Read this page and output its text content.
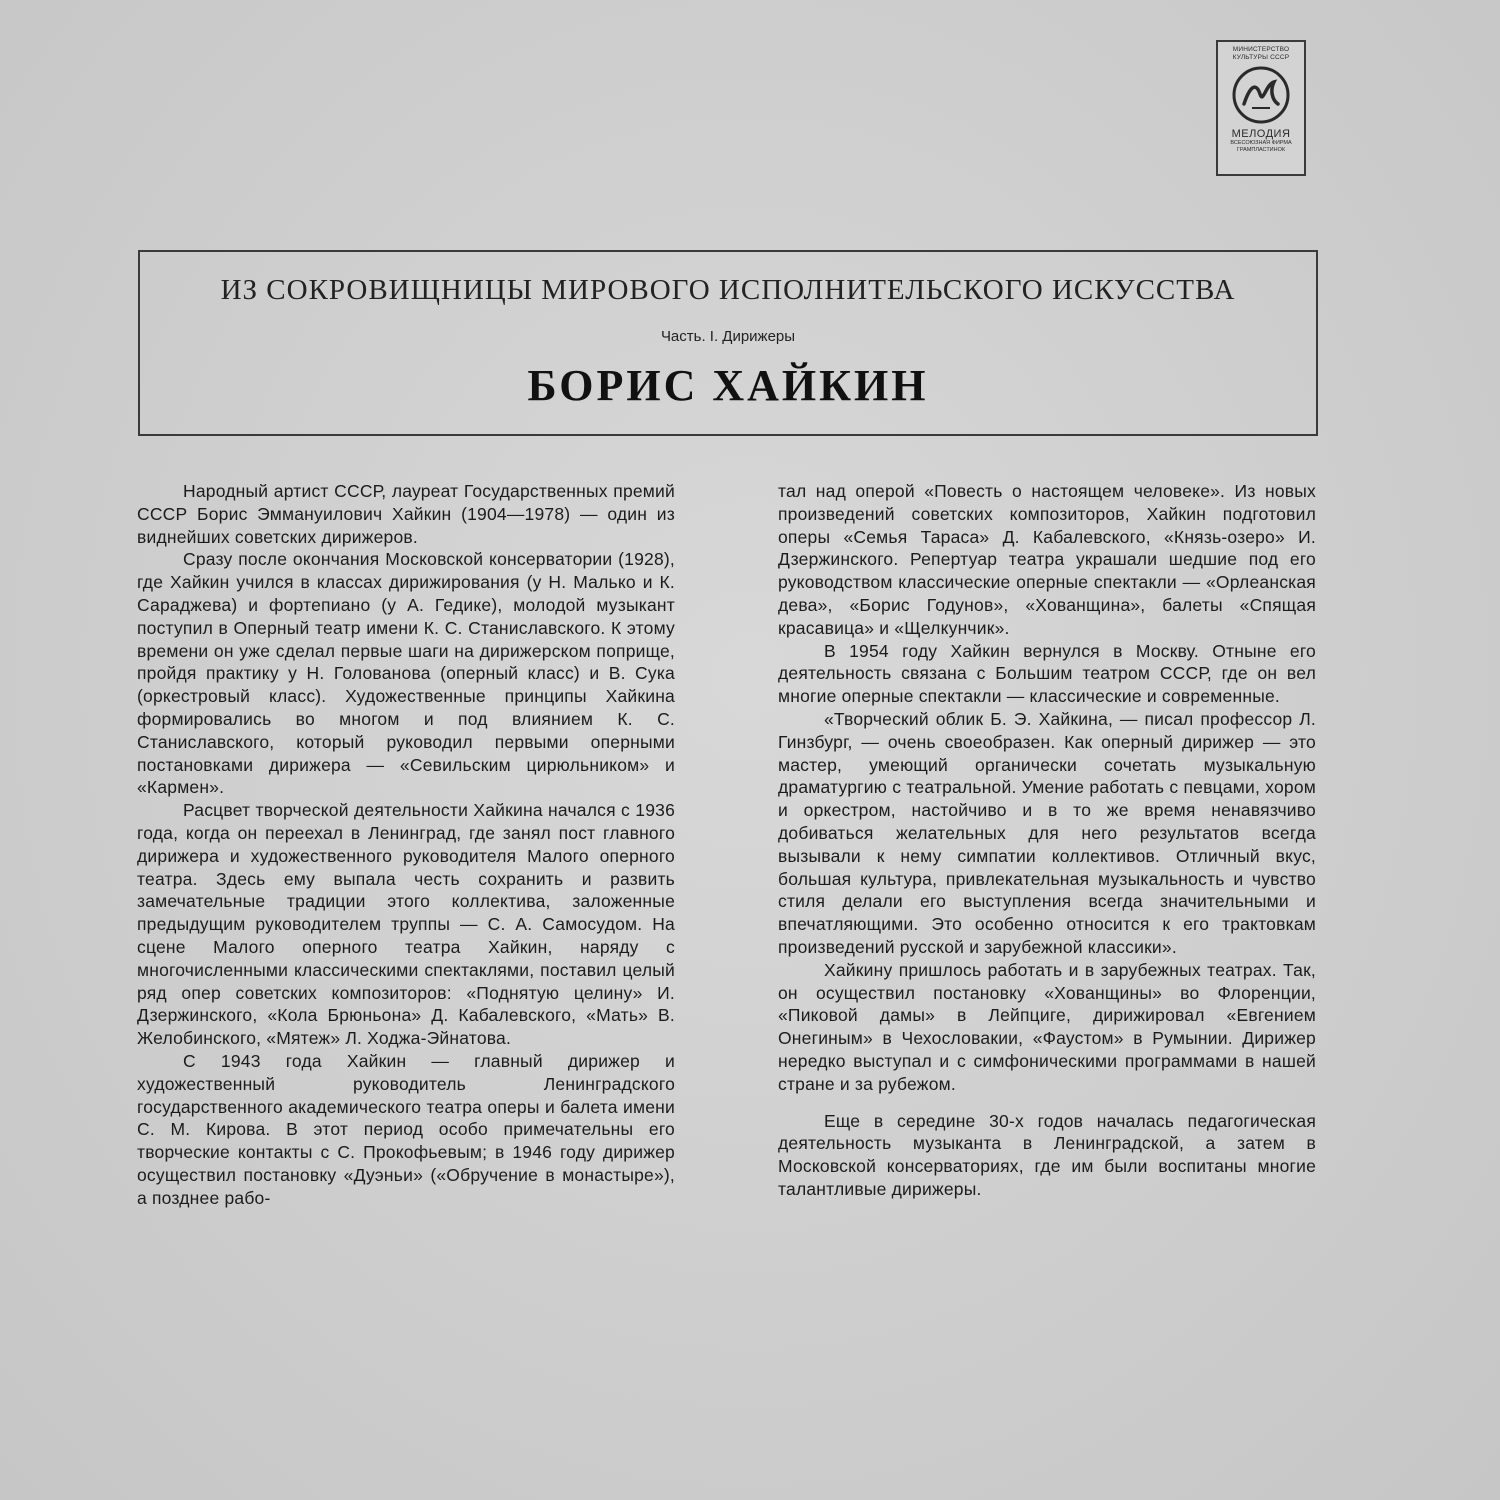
МИНИСТЕРСТВО КУЛЬТУРЫ СССР
МЕЛОДИЯ
ВСЕСОЮЗНАЯ ФИРМА ГРАМПЛАСТИНОК
ИЗ СОКРОВИЩНИЦЫ МИРОВОГО ИСПОЛНИТЕЛЬСКОГО ИСКУССТВА
Часть. I. Дирижеры
БОРИС ХАЙКИН

Народный артист СССР, лауреат Государственных премий СССР Борис Эммануилович Хайкин (1904—1978) — один из виднейших советских дирижеров.

Сразу после окончания Московской консерватории (1928), где Хайкин учился в классах дирижирования (у Н. Малько и К. Сараджева) и фортепиано (у А. Гедике), молодой музыкант поступил в Оперный театр имени К. С. Станиславского. К этому времени он уже сделал первые шаги на дирижерском поприще, пройдя практику у Н. Голованова (оперный класс) и В. Сука (оркестровый класс). Художественные принципы Хайкина формировались во многом и под влиянием К. С. Станиславского, который руководил первыми оперными постановками дирижера — «Севильским цирюльником» и «Кармен».

Расцвет творческой деятельности Хайкина начался с 1936 года, когда он переехал в Ленинград, где занял пост главного дирижера и художественного руководителя Малого оперного театра. Здесь ему выпала честь сохранить и развить замечательные традиции этого коллектива, заложенные предыдущим руководителем труппы — С. А. Самосудом. На сцене Малого оперного театра Хайкин, наряду с многочисленными классическими спектаклями, поставил целый ряд опер советских композиторов: «Поднятую целину» И. Дзержинского, «Кола Брюньона» Д. Кабалевского, «Мать» В. Желобинского, «Мятеж» Л. Ходжа-Эйнатова.

С 1943 года Хайкин — главный дирижер и художественный руководитель Ленинградского государственного академического театра оперы и балета имени С. М. Кирова. В этот период особо примечательны его творческие контакты с С. Прокофьевым; в 1946 году дирижер осуществил постановку «Дуэньи» («Обручение в монастыре»), а позднее рабо-

тал над оперой «Повесть о настоящем человеке». Из новых произведений советских композиторов, Хайкин подготовил оперы «Семья Тараса» Д. Кабалевского, «Князь-озеро» И. Дзержинского. Репертуар театра украшали шедшие под его руководством классические оперные спектакли — «Орлеанская дева», «Борис Годунов», «Хованщина», балеты «Спящая красавица» и «Щелкунчик».

В 1954 году Хайкин вернулся в Москву. Отныне его деятельность связана с Большим театром СССР, где он вел многие оперные спектакли — классические и современные.

«Творческий облик Б. Э. Хайкина, — писал профессор Л. Гинзбург, — очень своеобразен. Как оперный дирижер — это мастер, умеющий органически сочетать музыкальную драматургию с театральной. Умение работать с певцами, хором и оркестром, настойчиво и в то же время ненавязчиво добиваться желательных для него результатов всегда вызывали к нему симпатии коллективов. Отличный вкус, большая культура, привлекательная музыкальность и чувство стиля делали его выступления всегда значительными и впечатляющими. Это особенно относится к его трактовкам произведений русской и зарубежной классики».

Хайкину пришлось работать и в зарубежных театрах. Так, он осуществил постановку «Хованщины» во Флоренции, «Пиковой дамы» в Лейпциге, дирижировал «Евгением Онегиным» в Чехословакии, «Фаустом» в Румынии. Дирижер нередко выступал и с симфоническими программами в нашей стране и за рубежом.

Еще в середине 30-х годов началась педагогическая деятельность музыканта в Ленинградской, а затем в Московской консерваториях, где им были воспитаны многие талантливые дирижеры.
